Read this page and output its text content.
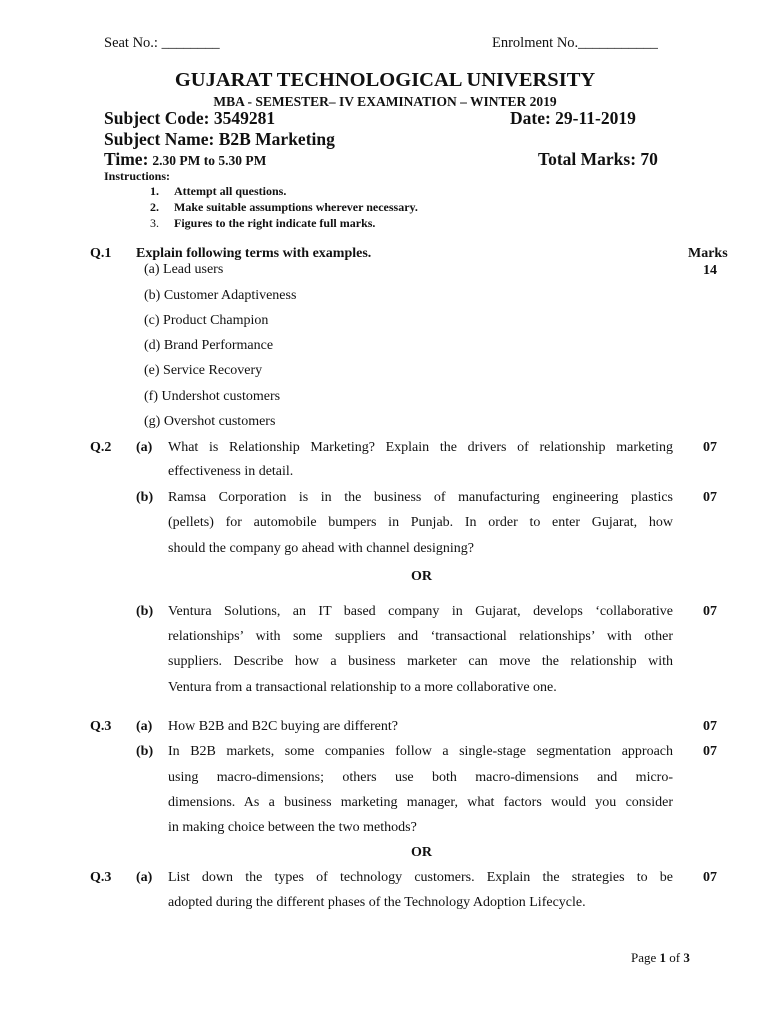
Seat No.: ________	Enrolment No.___________
GUJARAT TECHNOLOGICAL UNIVERSITY
MBA - SEMESTER– IV EXAMINATION – WINTER 2019
Subject Code: 3549281	Date: 29-11-2019
Subject Name: B2B Marketing
Time: 2.30 PM to 5.30 PM	Total Marks: 70
Instructions:
1. Attempt all questions.
2. Make suitable assumptions wherever necessary.
3. Figures to the right indicate full marks.
Q.1 Explain following terms with examples.	Marks
14
(a) Lead users
(b) Customer Adaptiveness
(c) Product Champion
(d) Brand Performance
(e) Service Recovery
(f) Undershot customers
(g) Overshot customers
Q.2 (a) What is Relationship Marketing? Explain the drivers of relationship marketing
effectiveness in detail.
07
(b) Ramsa Corporation is in the business of manufacturing engineering plastics
(pellets) for automobile bumpers in Punjab. In order to enter Gujarat, how
should the company go ahead with channel designing?
07
OR
(b) Ventura Solutions, an IT based company in Gujarat, develops ‘collaborative
relationships’ with some suppliers and ‘transactional relationships’ with other
suppliers. Describe how a business marketer can move the relationship with
Ventura from a transactional relationship to a more collaborative one.
07
Q.3 (a) How B2B and B2C buying are different?	07
(b) In B2B markets, some companies follow a single-stage segmentation approach
using macro-dimensions; others use both macro-dimensions and micro-
dimensions. As a business marketing manager, what factors would you consider
in making choice between the two methods?
07
OR
Q.3 (a) List down the types of technology customers. Explain the strategies to be
adopted during the different phases of the Technology Adoption Lifecycle.
07
Page 1 of 3
